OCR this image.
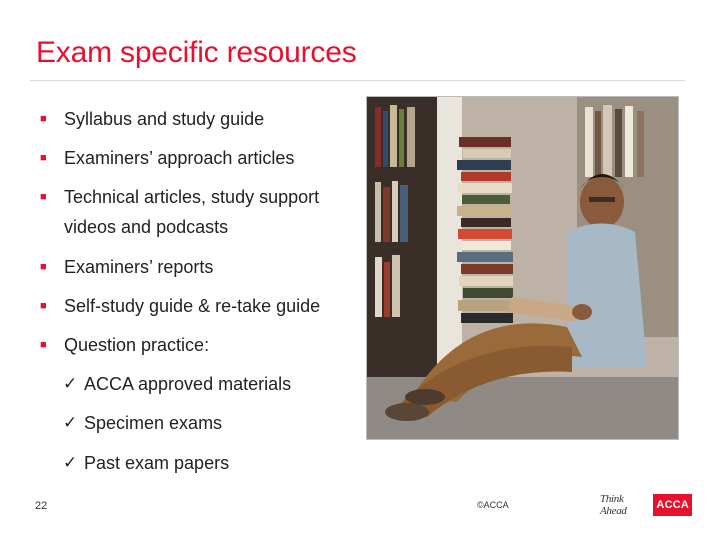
Exam specific resources
■ Syllabus and study guide
■ Examiners’ approach articles
■ Technical articles, study support videos and podcasts
■ Examiners’ reports
■ Self-study guide & re-take guide
■ Question practice:
✓ ACCA approved materials
✓ Specimen exams
✓ Past exam papers
22	©ACCA	Think Ahead	ACCA
